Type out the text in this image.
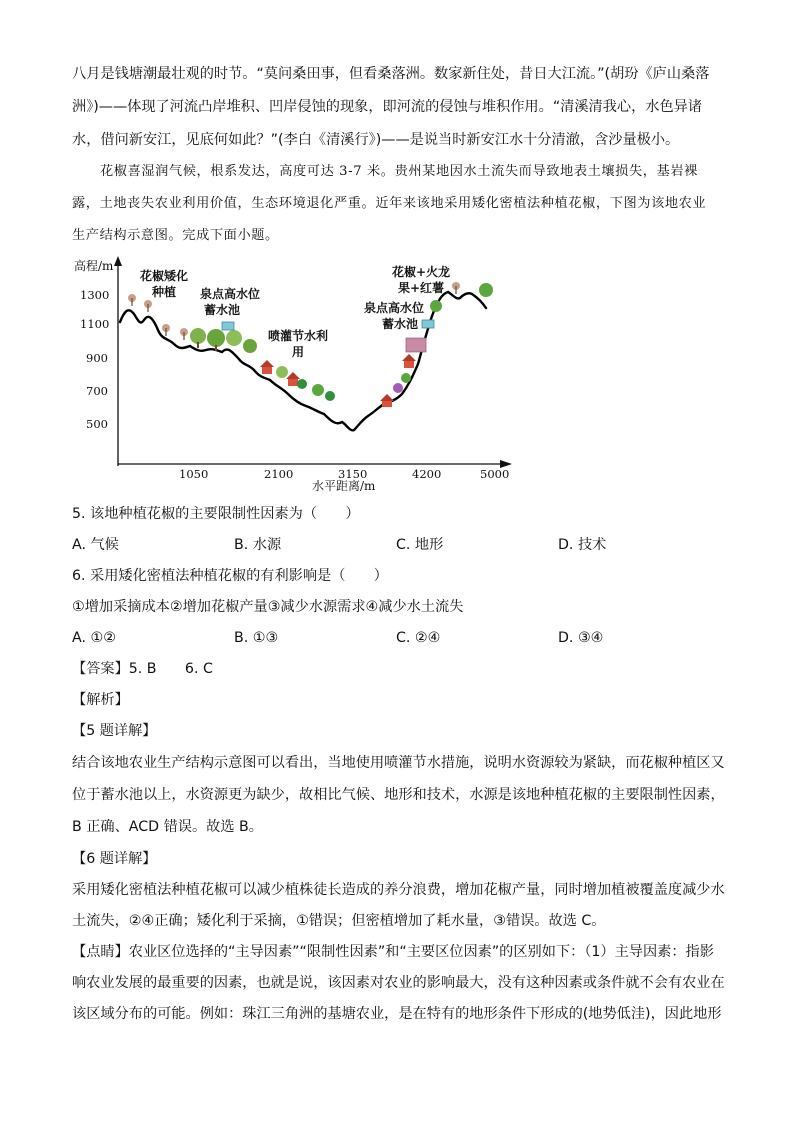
八月是钱塘潮最壮观的时节。“莫问桑田事，但看桑落洲。数家新住处，昔日大江流。”(胡玢《庐山桑落
洲》)——体现了河流凸岸堆积、凹岸侵蚀的现象，即河流的侵蚀与堆积作用。“清溪清我心，水色异诸
水，借问新安江，见底何如此？”(李白《清溪行》)——是说当时新安江水十分清澈，含沙量极小。
花椒喜湿润气候，根系发达，高度可达 3-7 米。贵州某地因水土流失而导致地表土壤损失，基岩裸
露，土地丧失农业利用价值，生态环境退化严重。近年来该地采用矮化密植法种植花椒，下图为该地农业
生产结构示意图。完成下面小题。
高程/m
水平距离/m
1300
1100
900
700
500
1050	2100	3150	4200	5000
花椒矮化
种植 泉点高水位
蓄水池
喷灌节水利
用
花椒+火龙
果+红薯
泉点高水位
蓄水池
5. 该地种植花椒的主要限制性因素为（　　）
A. 气候	B. 水源	C. 地形	D. 技术
6. 采用矮化密植法种植花椒的有利影响是（　　）
①增加采摘成本②增加花椒产量③减少水源需求④减少水土流失
A. ①②	B. ①③	C. ②④	D. ③④
【答案】5. B　　6. C
【解析】
【5 题详解】
结合该地农业生产结构示意图可以看出，当地使用喷灌节水措施，说明水资源较为紧缺，而花椒种植区又
位于蓄水池以上，水资源更为缺少，故相比气候、地形和技术，水源是该地种植花椒的主要限制性因素，
B 正确、ACD 错误。故选 B。
【6 题详解】
采用矮化密植法种植花椒可以减少植株徒长造成的养分浪费，增加花椒产量，同时增加植被覆盖度减少水
土流失，②④正确；矮化利于采摘，①错误；但密植增加了耗水量，③错误。故选 C。
【点睛】农业区位选择的“主导因素”“限制性因素”和“主要区位因素”的区别如下：（1）主导因素：指影
响农业发展的最重要的因素，也就是说，该因素对农业的影响最大，没有这种因素或条件就不会有农业在
该区域分布的可能。例如：珠江三角洲的基塘农业，是在特有的地形条件下形成的(地势低洼)，因此地形
